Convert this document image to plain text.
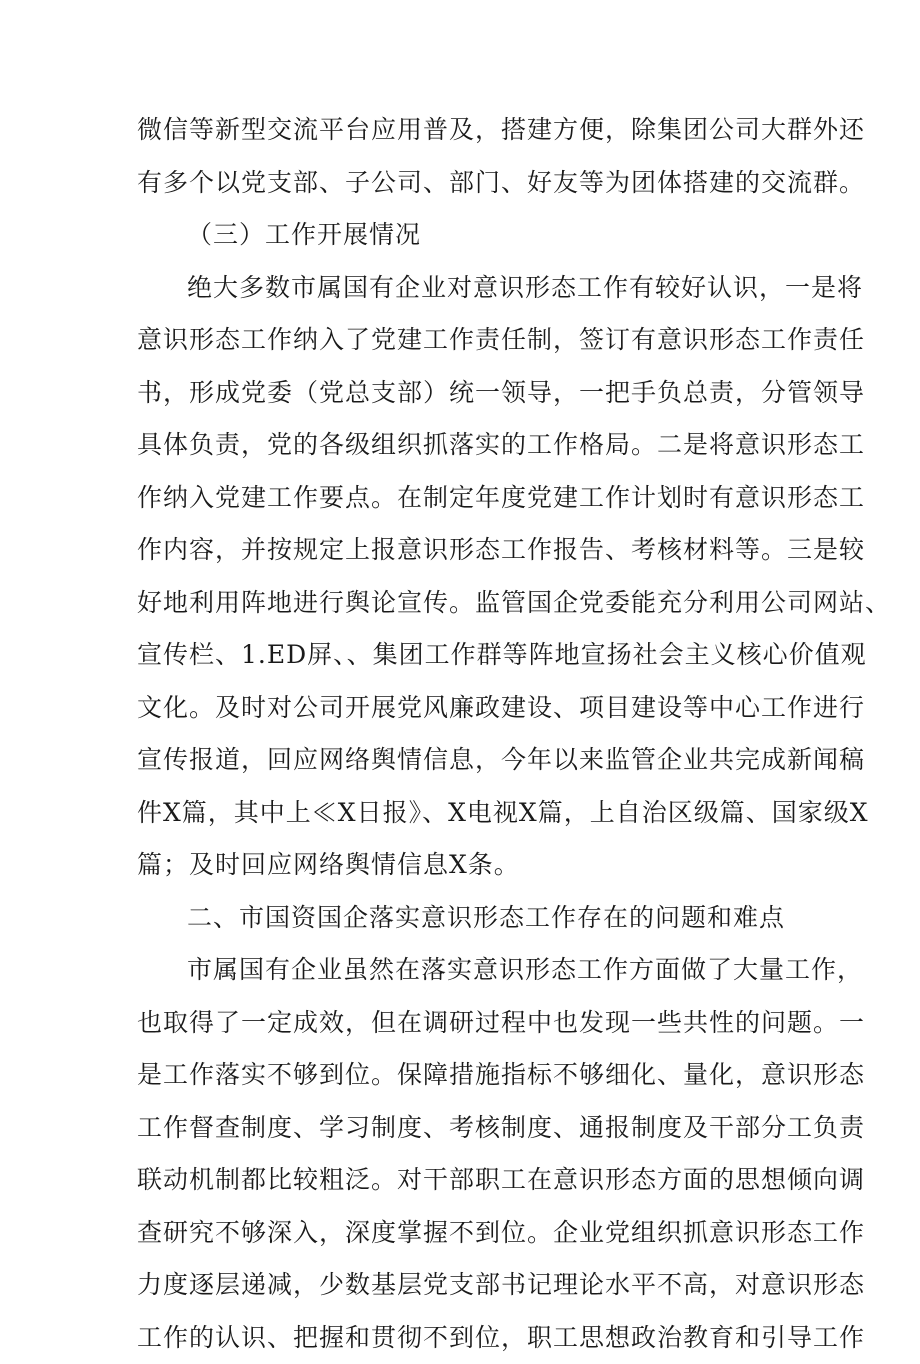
微信等新型交流平台应用普及，搭建方便，除集团公司大群外还
有多个以党支部、子公司、部门、好友等为团体搭建的交流群。
（三）工作开展情况
绝大多数市属国有企业对意识形态工作有较好认识，一是将
意识形态工作纳入了党建工作责任制，签订有意识形态工作责任
书，形成党委（党总支部）统一领导，一把手负总责，分管领导
具体负责，党的各级组织抓落实的工作格局。二是将意识形态工
作纳入党建工作要点。在制定年度党建工作计划时有意识形态工
作内容，并按规定上报意识形态工作报告、考核材料等。三是较
好地利用阵地进行舆论宣传。监管国企党委能充分利用公司网站、
宣传栏、1.ED屏、、集团工作群等阵地宣扬社会主义核心价值观
文化。及时对公司开展党风廉政建设、项目建设等中心工作进行
宣传报道，回应网络舆情信息，今年以来监管企业共完成新闻稿
件X篇，其中上≪X日报》、X电视X篇，上自治区级篇、国家级X
篇；及时回应网络舆情信息X条。
二、市国资国企落实意识形态工作存在的问题和难点
市属国有企业虽然在落实意识形态工作方面做了大量工作，
也取得了一定成效，但在调研过程中也发现一些共性的问题。一
是工作落实不够到位。保障措施指标不够细化、量化，意识形态
工作督查制度、学习制度、考核制度、通报制度及干部分工负责
联动机制都比较粗泛。对干部职工在意识形态方面的思想倾向调
查研究不够深入，深度掌握不到位。企业党组织抓意识形态工作
力度逐层递减，少数基层党支部书记理论水平不高，对意识形态
工作的认识、把握和贯彻不到位，职工思想政治教育和引导工作
